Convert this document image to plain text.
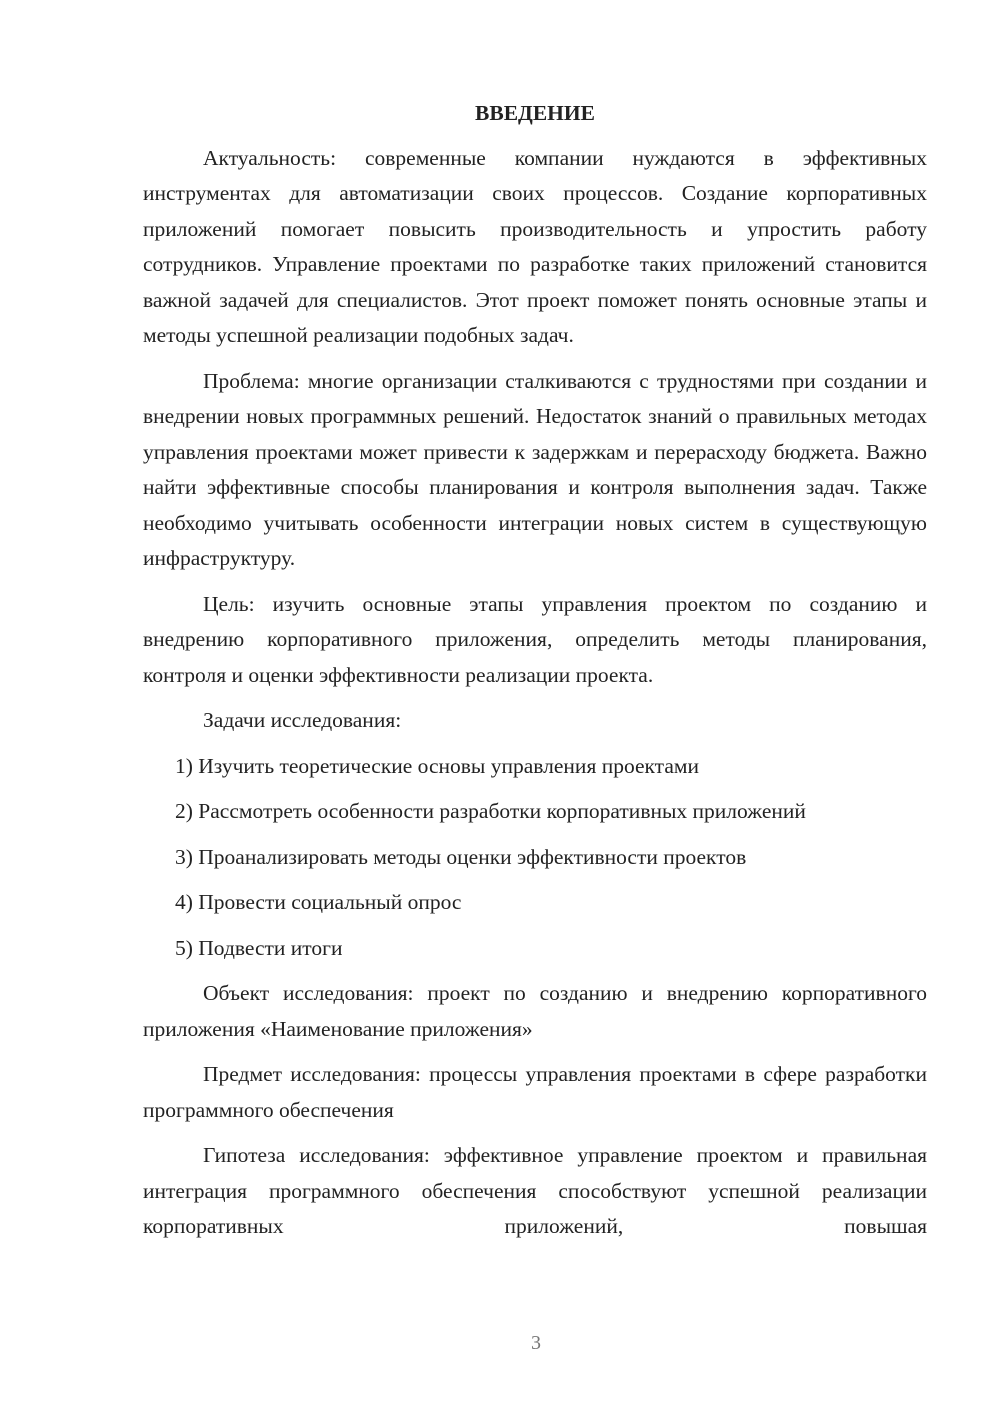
ВВЕДЕНИЕ

Актуальность: современные компании нуждаются в эффективных инструментах для автоматизации своих процессов. Создание корпоративных приложений помогает повысить производительность и упростить работу сотрудников. Управление проектами по разработке таких приложений становится важной задачей для специалистов. Этот проект поможет понять основные этапы и методы успешной реализации подобных задач.

Проблема: многие организации сталкиваются с трудностями при создании и внедрении новых программных решений. Недостаток знаний о правильных методах управления проектами может привести к задержкам и перерасходу бюджета. Важно найти эффективные способы планирования и контроля выполнения задач. Также необходимо учитывать особенности интеграции новых систем в существующую инфраструктуру.

Цель: изучить основные этапы управления проектом по созданию и внедрению корпоративного приложения, определить методы планирования, контроля и оценки эффективности реализации проекта.

Задачи исследования:

1) Изучить теоретические основы управления проектами
2) Рассмотреть особенности разработки корпоративных приложений
3) Проанализировать методы оценки эффективности проектов
4) Провести социальный опрос
5) Подвести итоги

Объект исследования: проект по созданию и внедрению корпоративного приложения «Наименование приложения»

Предмет исследования: процессы управления проектами в сфере разработки программного обеспечения

Гипотеза исследования: эффективное управление проектом и правильная интеграция программного обеспечения способствуют успешной реализации корпоративных приложений, повышая

3
